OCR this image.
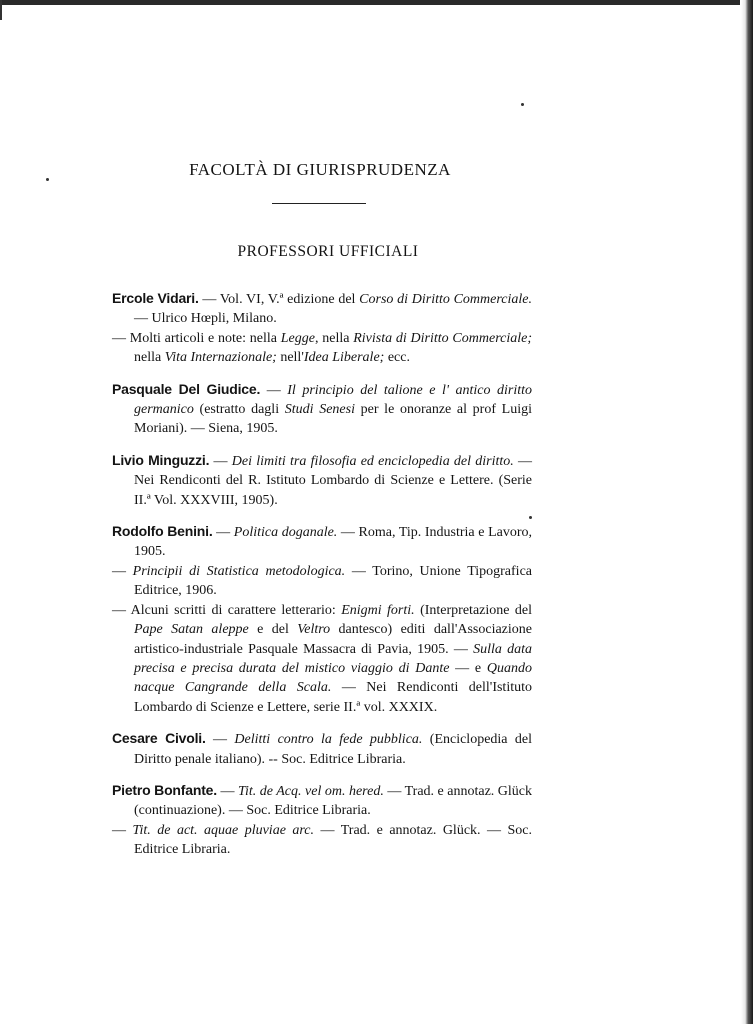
FACOLTÀ DI GIURISPRUDENZA
PROFESSORI UFFICIALI
Ercole Vidari. — Vol. VI, V.ª edizione del Corso di Diritto Commerciale. — Ulrico Hœpli, Milano.
— Molti articoli e note: nella Legge, nella Rivista di Diritto Commerciale; nella Vita Internazionale; nell'Idea Liberale; ecc.
Pasquale Del Giudice. — Il principio del talione e l' antico diritto germanico (estratto dagli Studi Senesi per le onoranze al prof Luigi Moriani). — Siena, 1905.
Livio Minguzzi. — Dei limiti tra filosofia ed enciclopedia del diritto. — Nei Rendiconti del R. Istituto Lombardo di Scienze e Lettere. (Serie II.ª Vol. XXXVIII, 1905).
Rodolfo Benini. — Politica doganale. — Roma, Tip. Industria e Lavoro, 1905.
— Principii di Statistica metodologica. — Torino, Unione Tipografica Editrice, 1906.
— Alcuni scritti di carattere letterario: Enigmi forti. (Interpretazione del Pape Satan aleppe e del Veltro dantesco) editi dall'Associazione artistico-industriale Pasquale Massacra di Pavia, 1905. — Sulla data precisa e precisa durata del mistico viaggio di Dante — e Quando nacque Cangrande della Scala. — Nei Rendiconti dell'Istituto Lombardo di Scienze e Lettere, serie II.ª vol. XXXIX.
Cesare Civoli. — Delitti contro la fede pubblica. (Enciclopedia del Diritto penale italiano). -- Soc. Editrice Libraria.
Pietro Bonfante. — Tit. de Acq. vel om. hered. — Trad. e annotaz. Glück (continuazione). — Soc. Editrice Libraria.
— Tit. de act. aquae pluviae arc. — Trad. e annotaz. Glück. — Soc. Editrice Libraria.
